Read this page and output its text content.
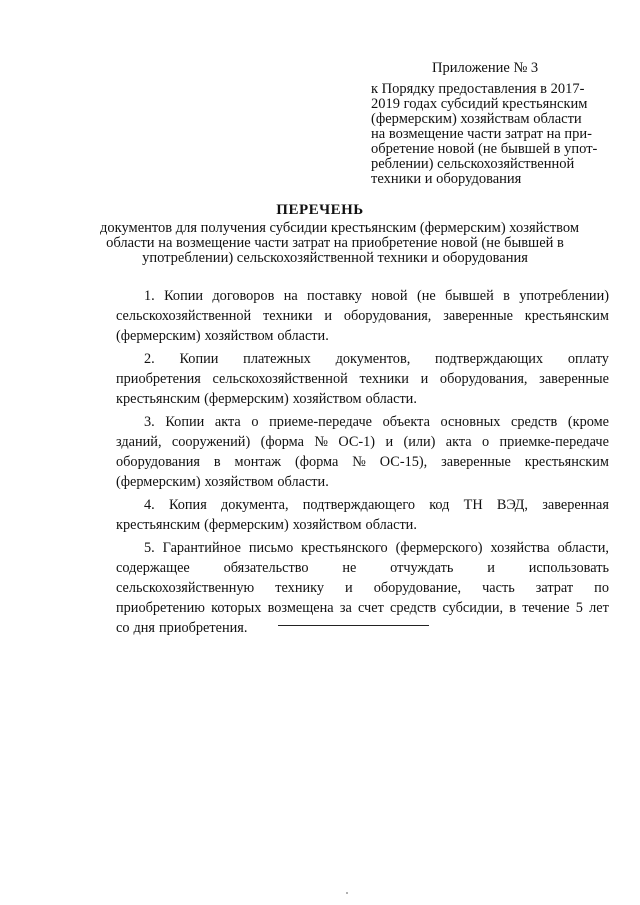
Приложение № 3
к Порядку предоставления в 2017-
2019 годах субсидий крестьянским
(фермерским) хозяйствам области
на возмещение части затрат на при-
обретение новой (не бывшей в упот-
реблении) сельскохозяйственной
техники и оборудования
ПЕРЕЧЕНЬ
документов для получения субсидии крестьянским (фермерским) хозяйством
области на возмещение части затрат на приобретение новой (не бывшей в
употреблении) сельскохозяйственной техники и оборудования
1. Копии договоров на поставку новой (не бывшей в употреблении)
сельскохозяйственной техники и оборудования, заверенные крестьянским
(фермерским) хозяйством области.
2. Копии платежных документов, подтверждающих оплату
приобретения сельскохозяйственной техники и оборудования, заверенные
крестьянским (фермерским) хозяйством области.
3. Копии акта о приеме-передаче объекта основных средств (кроме
зданий, сооружений) (форма № ОС-1) и (или) акта о приемке-передаче
оборудования в монтаж (форма № ОС-15), заверенные крестьянским
(фермерским) хозяйством области.
4. Копия документа, подтверждающего код ТН ВЭД, заверенная
крестьянским (фермерским) хозяйством области.
5. Гарантийное письмо крестьянского (фермерского) хозяйства области,
содержащее обязательство не отчуждать и использовать
сельскохозяйственную технику и оборудование, часть затрат по
приобретению которых возмещена за счет средств субсидии, в течение 5 лет
со дня приобретения.
